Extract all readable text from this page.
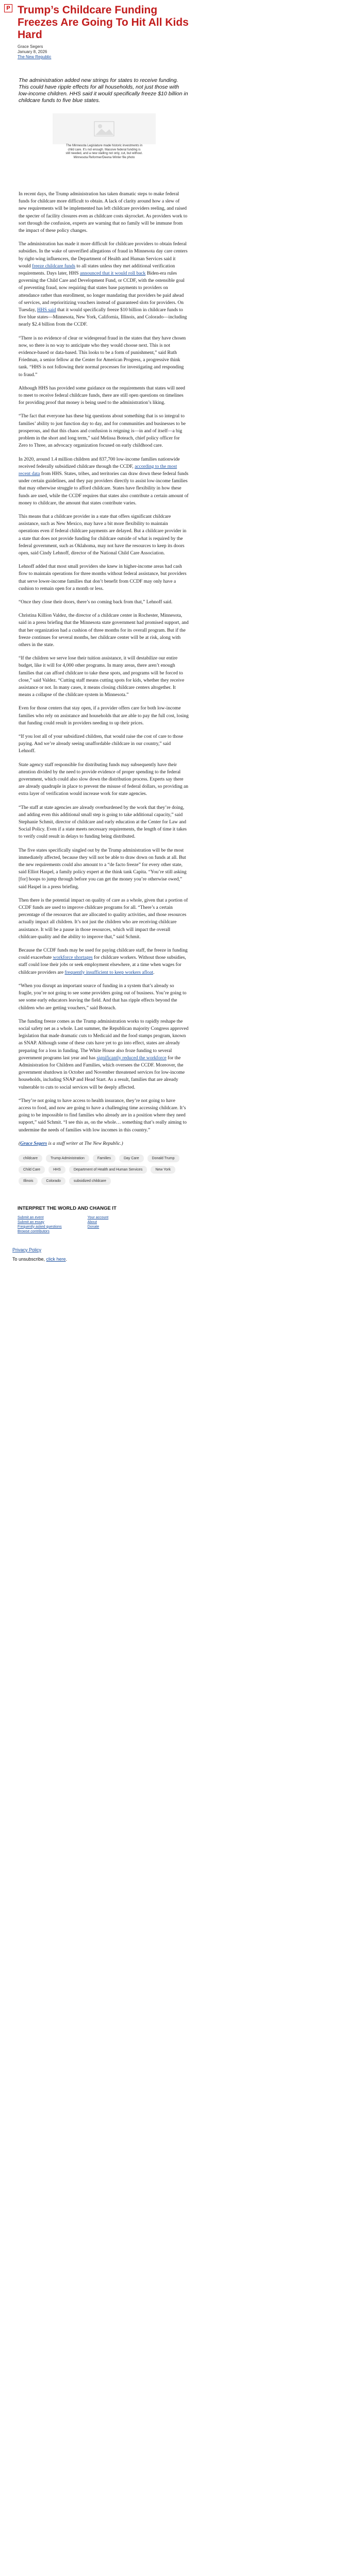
P Trump’s Childcare Funding Freezes Are Going To Hit All Kids Hard
Grace Segers
January 8, 2026
The New Republic

The administration added new strings for states to receive funding. This could have ripple effects for all households, not just those with low-income children. HHS said it would specifically freeze $10 billion in childcare funds to five blue states.

The Minnesota Legislature made historic investments in child care. It’s not enough. Massive federal funding is still needed, and a new stalling not only, cut, but without. Minnesota Reformer/Deena Winter file photo

In recent days, the Trump administration has taken dramatic steps to make federal funds for childcare more difficult to obtain. A lack of clarity around how a slew of new requirements will be implemented has left childcare providers reeling, and raised the specter of facility closures even as childcare costs skyrocket. As providers work to sort through the confusion, experts are warning that no family will be immune from the impact of these policy changes.

The administration has made it more difficult for childcare providers to obtain federal subsidies. In the wake of unverified allegations of fraud in Minnesota day care centers by right-wing influencers, the Department of Health and Human Services said it would freeze childcare funds to all states unless they met additional verification requirements. Days later, HHS announced that it would roll back Biden-era rules governing the Child Care and Development Fund, or CCDF, with the ostensible goal of preventing fraud, now requiring that states base payments to providers on attendance rather than enrollment, no longer mandating that providers be paid ahead of services, and reprioritizing vouchers instead of guaranteed slots for providers. On Tuesday, HHS said that it would specifically freeze $10 billion in childcare funds to five blue states—Minnesota, New York, California, Illinois, and Colorado—including nearly $2.4 billion from the CCDF.

“There is no evidence of clear or widespread fraud in the states that they have chosen now, so there is no way to anticipate who they would choose next. This is not evidence-based or data-based. This looks to be a form of punishment,” said Ruth Friedman, a senior fellow at the Center for American Progress, a progressive think tank. “HHS is not following their normal processes for investigating and responding to fraud.”

Although HHS has provided some guidance on the requirements that states will need to meet to receive federal childcare funds, there are still open questions on timelines for providing proof that money is being used to the administration’s liking.

“The fact that everyone has these big questions about something that is so integral to families’ ability to just function day to day, and for communities and businesses to be prosperous, and that this chaos and confusion is reigning is—in and of itself—a big problem in the short and long term,” said Melissa Boteach, chief policy officer for Zero to Three, an advocacy organization focused on early childhood care.

In 2020, around 1.4 million children and 837,700 low-income families nationwide received federally subsidized childcare through the CCDF, according to the most recent data from HHS. States, tribes, and territories can draw down these federal funds under certain guidelines, and they pay providers directly to assist low-income families that may otherwise struggle to afford childcare. States have flexibility in how these funds are used, while the CCDF requires that states also contribute a certain amount of money to childcare, the amount that states contribute varies.

This means that a childcare provider in a state that offers significant childcare assistance, such as New Mexico, may have a bit more flexibility to maintain operations even if federal childcare payments are delayed. But a childcare provider in a state that does not provide funding for childcare outside of what is required by the federal government, such as Oklahoma, may not have the resources to keep its doors open, said Cindy Lehnoff, director of the National Child Care Association.

Lehnoff added that most small providers she knew in higher-income areas had cash flow to maintain operations for three months without federal assistance, but providers that serve lower-income families that don’t benefit from CCDF may only have a cushion to remain open for a month or less.

“Once they close their doors, there’s no coming back from that,” Lehnoff said.

Christina Killion Valdez, the director of a childcare center in Rochester, Minnesota, said in a press briefing that the Minnesota state government had promised support, and that her organization had a cushion of three months for its overall program. But if the freeze continues for several months, her childcare center will be at risk, along with others in the state.

“If the children we serve lose their tuition assistance, it will destabilize our entire budget, like it will for 4,000 other programs. In many areas, there aren’t enough families that can afford childcare to take these spots, and programs will be forced to close,” said Valdez. “Cutting staff means cutting spots for kids, whether they receive assistance or not. In many cases, it means closing childcare centers altogether. It means a collapse of the childcare system in Minnesota.”

Even for those centers that stay open, if a provider offers care for both low-income families who rely on assistance and households that are able to pay the full cost, losing that funding could result in providers needing to up their prices.

“If you lost all of your subsidized children, that would raise the cost of care to those paying. And we’re already seeing unaffordable childcare in our country,” said Lehnoff.

State agency staff responsible for distributing funds may subsequently have their attention divided by the need to provide evidence of proper spending to the federal government, which could also slow down the distribution process. Experts say there are already quadruple in place to prevent the misuse of federal dollars, so providing an extra layer of verification would increase work for state agencies.

“The staff at state agencies are already overburdened by the work that they’re doing, and adding even this additional small step is going to take additional capacity,” said Stephanie Schmit, director of childcare and early education at the Center for Law and Social Policy. Even if a state meets necessary requirements, the length of time it takes to verify could result in delays to funding being distributed.

The five states specifically singled out by the Trump administration will be the most immediately affected, because they will not be able to draw down on funds at all. But the new requirements could also amount to a “de facto freeze” for every other state, said Elliot Haspel, a family policy expert at the think tank Capita. “You’re still asking [for] hoops to jump through before you can get the money you’re otherwise owed,” said Haspel in a press briefing.

Then there is the potential impact on quality of care as a whole, given that a portion of CCDF funds are used to improve childcare programs for all. “There’s a certain percentage of the resources that are allocated to quality activities, and those resources actually impact all children. It’s not just the children who are receiving childcare assistance. It will be a pause in those resources, which will impact the overall childcare quality and the ability to improve that,” said Schmit.

Because the CCDF funds may be used for paying childcare staff, the freeze in funding could exacerbate workforce shortages for childcare workers. Without those subsidies, staff could lose their jobs or seek employment elsewhere, at a time when wages for childcare providers are frequently insufficient to keep workers afloat.

“When you disrupt an important source of funding in a system that’s already so fragile, you’re not going to see some providers going out of business. You’re going to see some early educators leaving the field. And that has ripple effects beyond the children who are getting vouchers,” said Boteach.

The funding freeze comes as the Trump administration works to rapidly reshape the social safety net as a whole. Last summer, the Republican majority Congress approved legislation that made dramatic cuts to Medicaid and the food stamps program, known as SNAP. Although some of these cuts have yet to go into effect, states are already preparing for a loss in funding. The White House also froze funding to several government programs last year and has significantly reduced the workforce for the Administration for Children and Families, which oversees the CCDF. Moreover, the government shutdown in October and November threatened services for low-income households, including SNAP and Head Start. As a result, families that are already vulnerable to cuts to social services will be deeply affected.

“They’re not going to have access to health insurance, they’re not going to have access to food, and now are going to have a challenging time accessing childcare. It’s going to be impossible to find families who already are in a position where they need support,” said Schmit. “I see this as, on the whole… something that’s really aiming to undermine the needs of families with low incomes in this country.”

(Grace Segers is a staff writer at The New Republic.)

childcare	Trump Administration	Families	Day Care	Donald Trump
Child Care	HHS	Department of Health and Human Services	New York
Illinois	Colorado	subsidized childcare
INTERPRET THE WORLD AND CHANGE IT
Submit an event
Submit an essay
Frequently asked questions
Browse contributors
Your account
About
Donate
Privacy Policy
To unsubscribe, click here.
